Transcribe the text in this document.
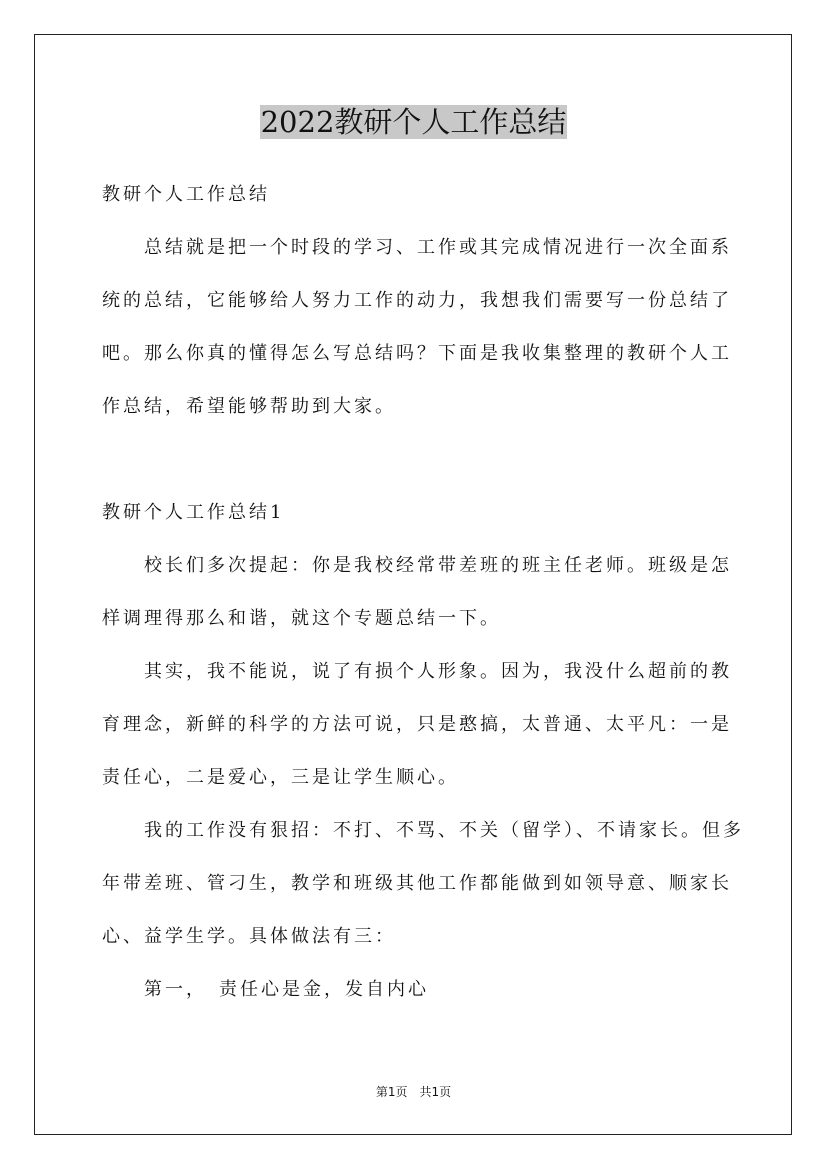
2022教研个人工作总结
教研个人工作总结
总结就是把一个时段的学习、工作或其完成情况进行一次全面系
统的总结，它能够给人努力工作的动力，我想我们需要写一份总结了
吧。那么你真的懂得怎么写总结吗？下面是我收集整理的教研个人工
作总结，希望能够帮助到大家。
教研个人工作总结1
校长们多次提起：你是我校经常带差班的班主任老师。班级是怎
样调理得那么和谐，就这个专题总结一下。
其实，我不能说，说了有损个人形象。因为，我没什么超前的教
育理念，新鲜的科学的方法可说，只是憨搞，太普通、太平凡：一是
责任心，二是爱心，三是让学生顺心。
我的工作没有狠招：不打、不骂、不关（留学）、不请家长。但多
年带差班、管刁生，教学和班级其他工作都能做到如领导意、顺家长
心、益学生学。具体做法有三：
第一，　责任心是金，发自内心
第1页　共1页
